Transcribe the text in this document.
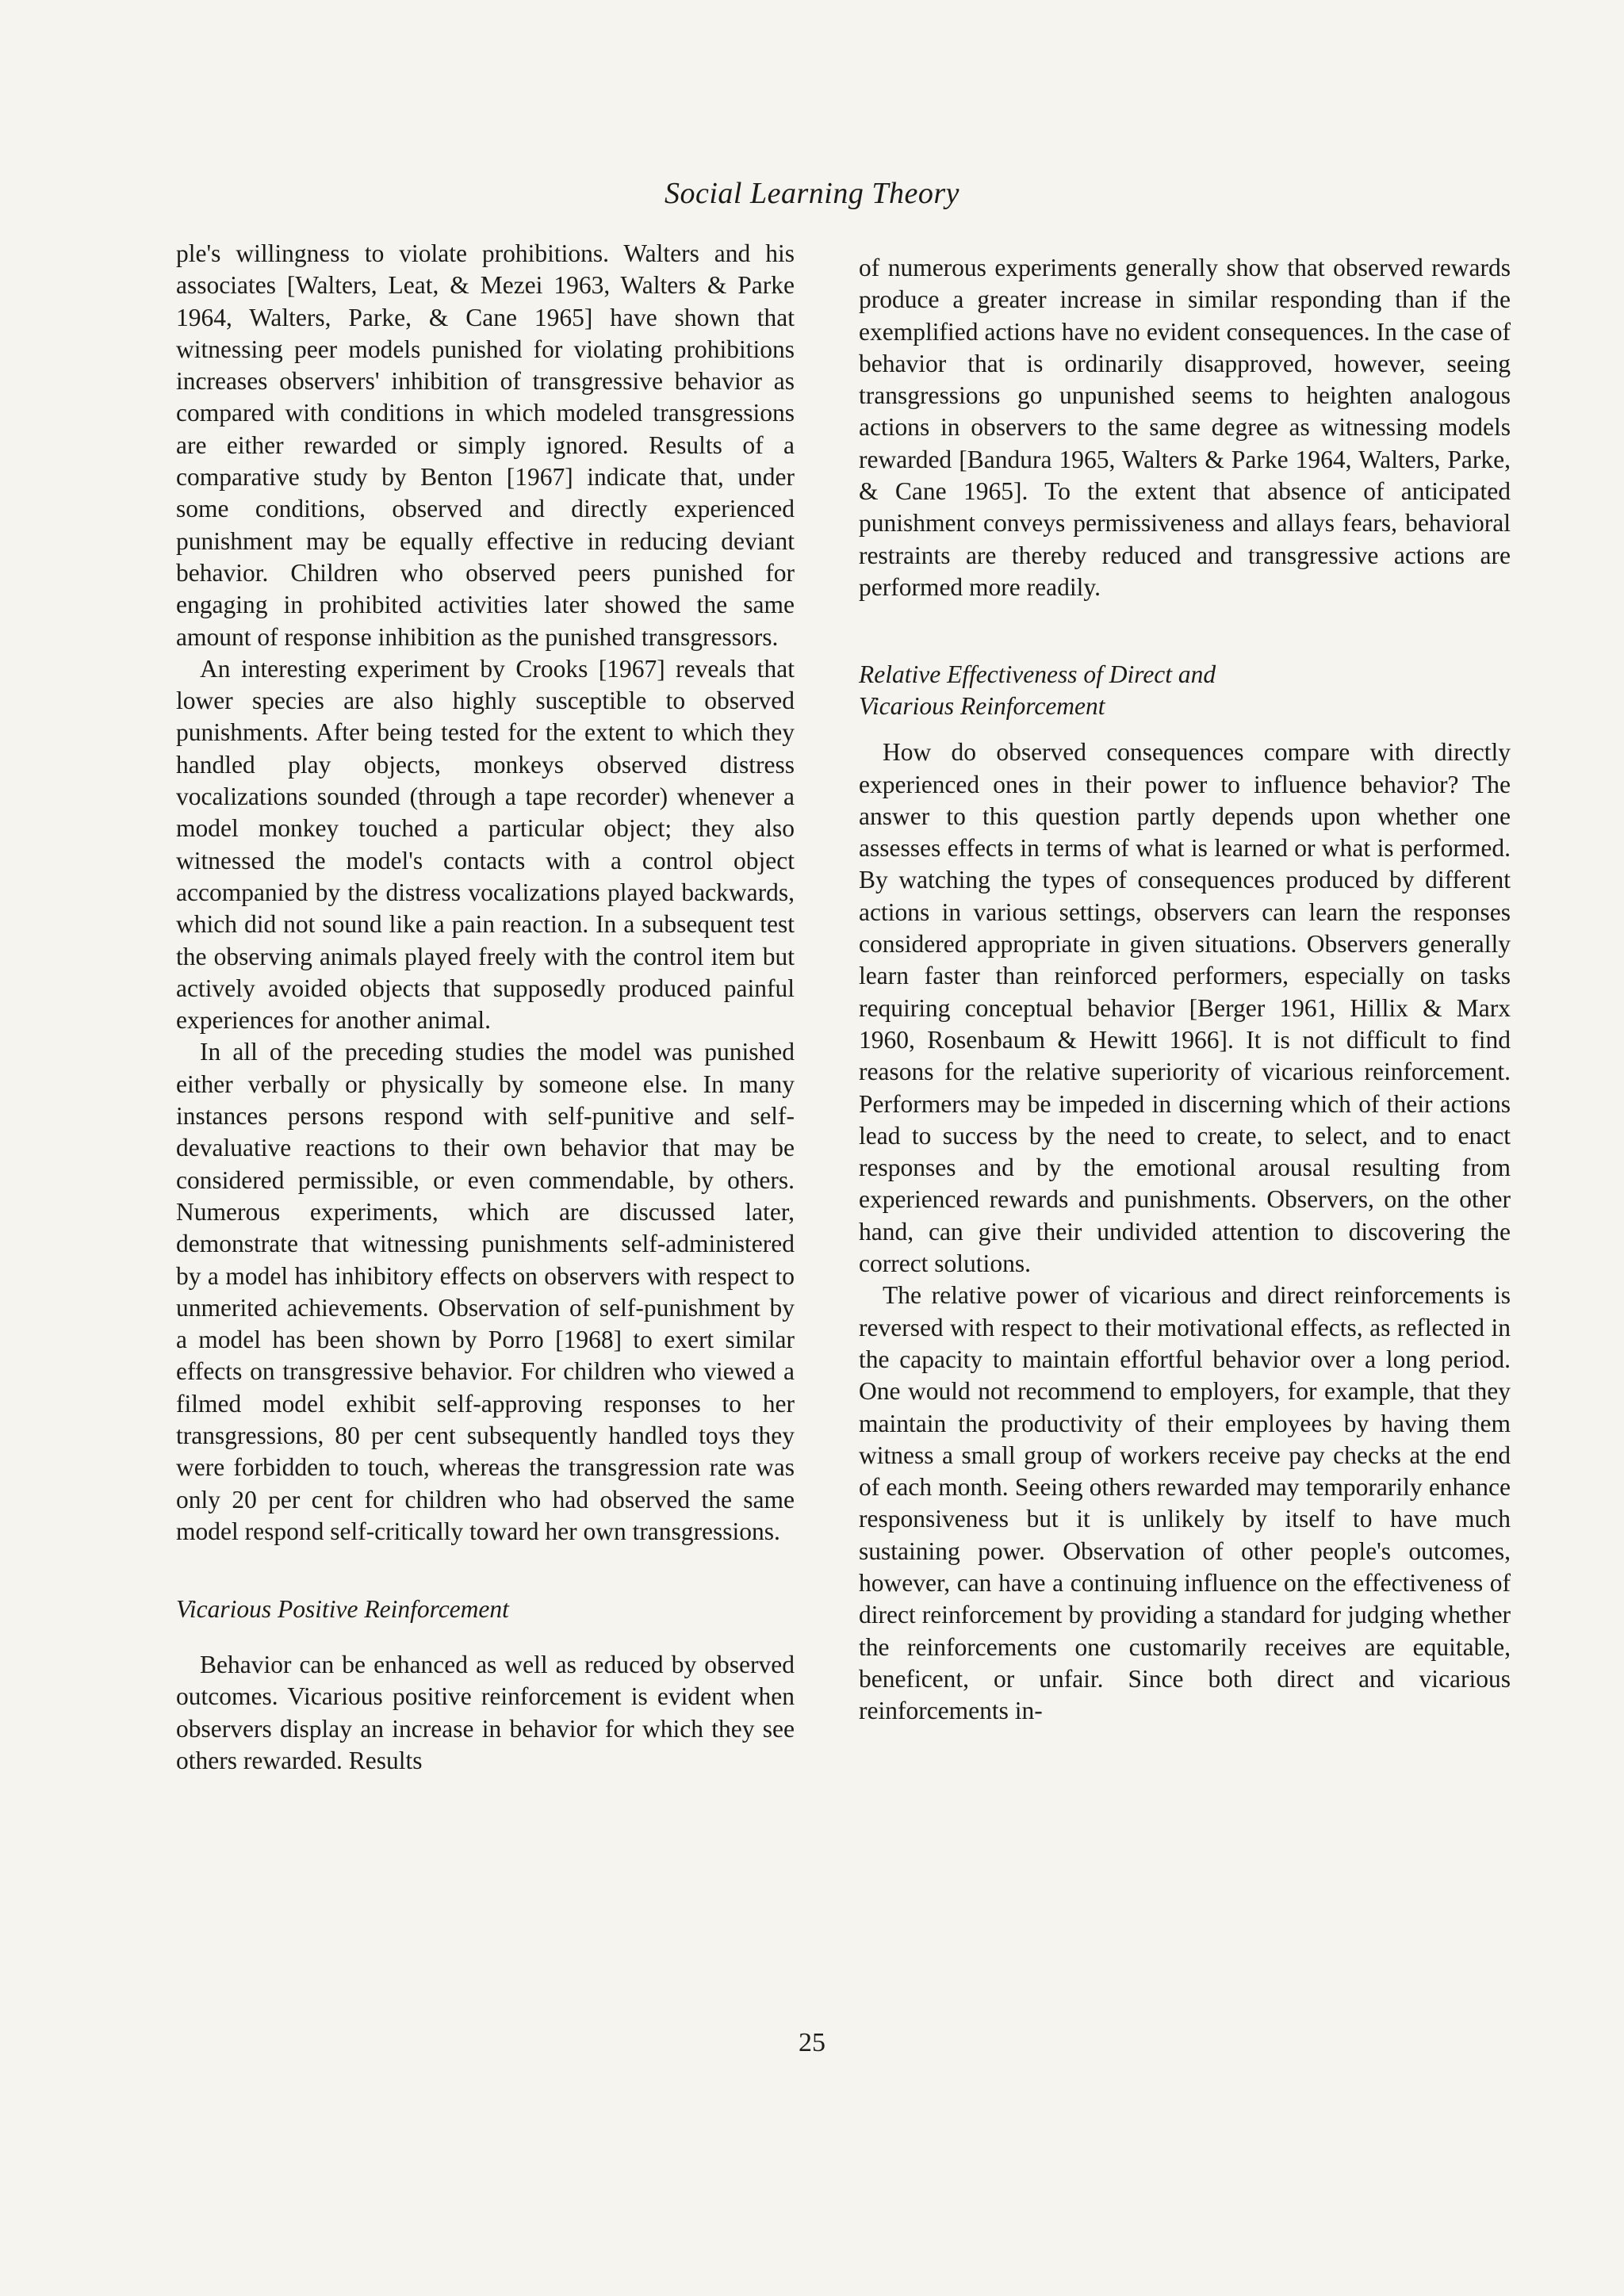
Social Learning Theory

ple's willingness to violate prohibitions. Walters and his associates [Walters, Leat, & Mezei 1963, Walters & Parke 1964, Walters, Parke, & Cane 1965] have shown that witnessing peer models punished for violating prohibitions increases observers' inhibition of transgressive behavior as compared with conditions in which modeled transgressions are either rewarded or simply ignored. Results of a comparative study by Benton [1967] indicate that, under some conditions, observed and directly experienced punishment may be equally effective in reducing deviant behavior. Children who observed peers punished for engaging in prohibited activities later showed the same amount of response inhibition as the punished transgressors.

An interesting experiment by Crooks [1967] reveals that lower species are also highly susceptible to observed punishments. After being tested for the extent to which they handled play objects, monkeys observed distress vocalizations sounded (through a tape recorder) whenever a model monkey touched a particular object; they also witnessed the model's contacts with a control object accompanied by the distress vocalizations played backwards, which did not sound like a pain reaction. In a subsequent test the observing animals played freely with the control item but actively avoided objects that supposedly produced painful experiences for another animal.

In all of the preceding studies the model was punished either verbally or physically by someone else. In many instances persons respond with self-punitive and self-devaluative reactions to their own behavior that may be considered permissible, or even commendable, by others. Numerous experiments, which are discussed later, demonstrate that witnessing punishments self-administered by a model has inhibitory effects on observers with respect to unmerited achievements. Observation of self-punishment by a model has been shown by Porro [1968] to exert similar effects on transgressive behavior. For children who viewed a filmed model exhibit self-approving responses to her transgressions, 80 per cent subsequently handled toys they were forbidden to touch, whereas the transgression rate was only 20 per cent for children who had observed the same model respond self-critically toward her own transgressions.

Vicarious Positive Reinforcement

Behavior can be enhanced as well as reduced by observed outcomes. Vicarious positive reinforcement is evident when observers display an increase in behavior for which they see others rewarded. Results

of numerous experiments generally show that observed rewards produce a greater increase in similar responding than if the exemplified actions have no evident consequences. In the case of behavior that is ordinarily disapproved, however, seeing transgressions go unpunished seems to heighten analogous actions in observers to the same degree as witnessing models rewarded [Bandura 1965, Walters & Parke 1964, Walters, Parke, & Cane 1965]. To the extent that absence of anticipated punishment conveys permissiveness and allays fears, behavioral restraints are thereby reduced and transgressive actions are performed more readily.

Relative Effectiveness of Direct and
Vicarious Reinforcement

How do observed consequences compare with directly experienced ones in their power to influence behavior? The answer to this question partly depends upon whether one assesses effects in terms of what is learned or what is performed. By watching the types of consequences produced by different actions in various settings, observers can learn the responses considered appropriate in given situations. Observers generally learn faster than reinforced performers, especially on tasks requiring conceptual behavior [Berger 1961, Hillix & Marx 1960, Rosenbaum & Hewitt 1966]. It is not difficult to find reasons for the relative superiority of vicarious reinforcement. Performers may be impeded in discerning which of their actions lead to success by the need to create, to select, and to enact responses and by the emotional arousal resulting from experienced rewards and punishments. Observers, on the other hand, can give their undivided attention to discovering the correct solutions.

The relative power of vicarious and direct reinforcements is reversed with respect to their motivational effects, as reflected in the capacity to maintain effortful behavior over a long period. One would not recommend to employers, for example, that they maintain the productivity of their employees by having them witness a small group of workers receive pay checks at the end of each month. Seeing others rewarded may temporarily enhance responsiveness but it is unlikely by itself to have much sustaining power. Observation of other people's outcomes, however, can have a continuing influence on the effectiveness of direct reinforcement by providing a standard for judging whether the reinforcements one customarily receives are equitable, beneficent, or unfair. Since both direct and vicarious reinforcements in-

25
